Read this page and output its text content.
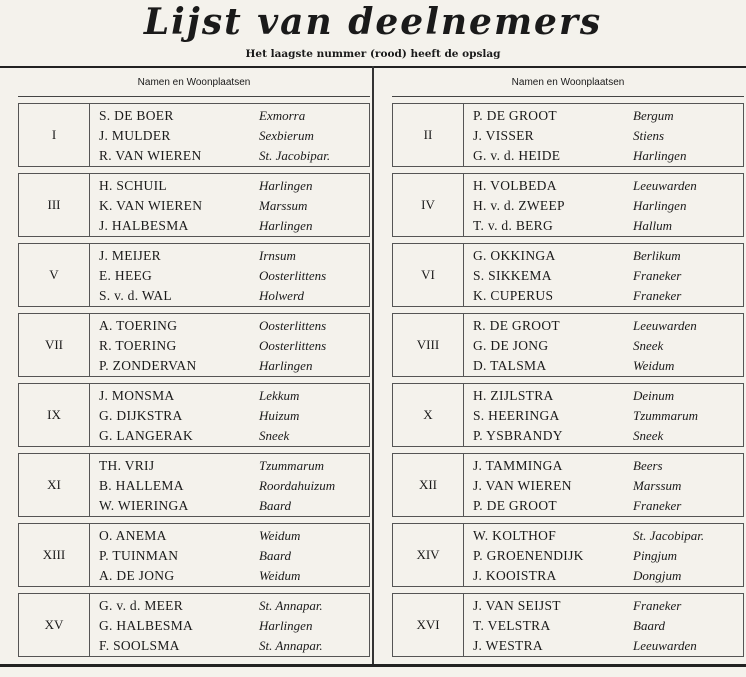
Lijst van deelnemers
Het laagste nummer (rood) heeft de opslag
Namen en Woonplaatsen
I
S. DE BOER	Exmorra
J. MULDER	Sexbierum
R. VAN WIEREN	St. Jacobipar.
III
H. SCHUIL	Harlingen
K. VAN WIEREN	Marssum
J. HALBESMA	Harlingen
V
J. MEIJER	Irnsum
E. HEEG	Oosterlittens
S. v. d. WAL	Holwerd
VII
A. TOERING	Oosterlittens
R. TOERING	Oosterlittens
P. ZONDERVAN	Harlingen
IX
J. MONSMA	Lekkum
G. DIJKSTRA	Huizum
G. LANGERAK	Sneek
XI
TH. VRIJ	Tzummarum
B. HALLEMA	Roordahuizum
W. WIERINGA	Baard
XIII
O. ANEMA	Weidum
P. TUINMAN	Baard
A. DE JONG	Weidum
XV
G. v. d. MEER	St. Annapar.
G. HALBESMA	Harlingen
F. SOOLSMA	St. Annapar.
Namen en Woonplaatsen
II
P. DE GROOT	Bergum
J. VISSER	Stiens
G. v. d. HEIDE	Harlingen
IV
H. VOLBEDA	Leeuwarden
H. v. d. ZWEEP	Harlingen
T. v. d. BERG	Hallum
VI
G. OKKINGA	Berlikum
S. SIKKEMA	Franeker
K. CUPERUS	Franeker
VIII
R. DE GROOT	Leeuwarden
G. DE JONG	Sneek
D. TALSMA	Weidum
X
H. ZIJLSTRA	Deinum
S. HEERINGA	Tzummarum
P. YSBRANDY	Sneek
XII
J. TAMMINGA	Beers
J. VAN WIEREN	Marssum
P. DE GROOT	Franeker
XIV
W. KOLTHOF	St. Jacobipar.
P. GROENENDIJK	Pingjum
J. KOOISTRA	Dongjum
XVI
J. VAN SEIJST	Franeker
T. VELSTRA	Baard
J. WESTRA	Leeuwarden
